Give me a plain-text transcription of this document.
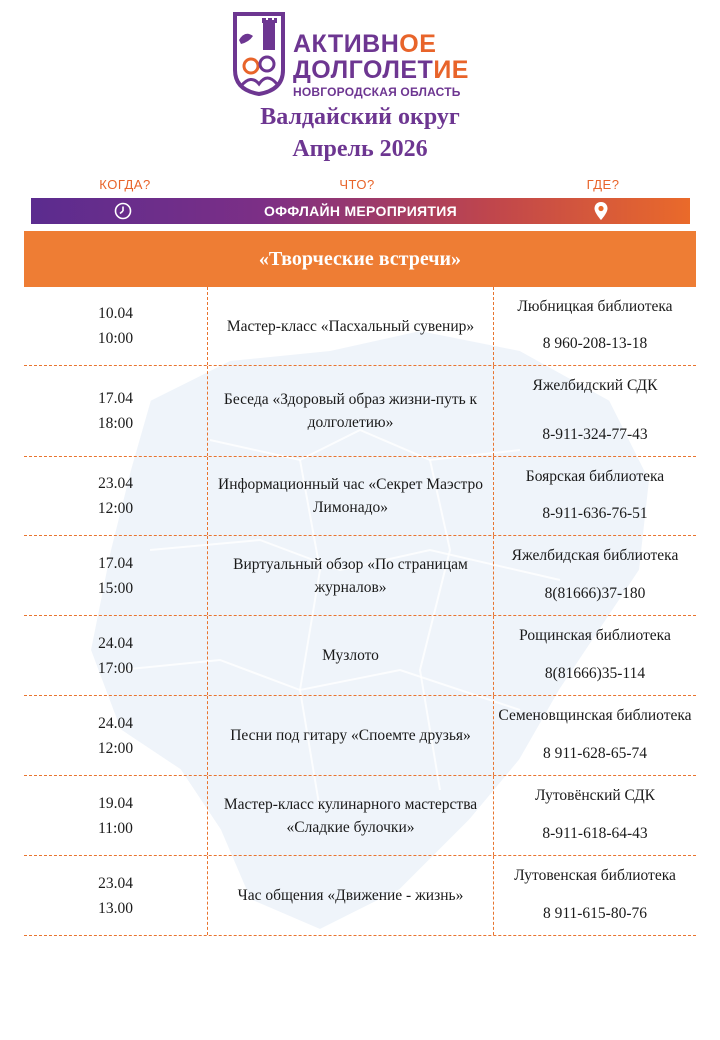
АКТИВНОЕ
ДОЛГОЛЕТИЕ
НОВГОРОДСКАЯ ОБЛАСТЬ
Валдайский округ
Апрель 2026
КОГДА?	ЧТО?	ГДЕ?
ОФФЛАЙН МЕРОПРИЯТИЯ
«Творческие встречи»
10.04
10:00
Мастер-класс «Пасхальный сувенир»
Любницкая библиотека
8 960-208-13-18
17.04
18:00
Беседа «Здоровый образ жизни-путь к долголетию»
Яжелбидский СДК
8-911-324-77-43
23.04
12:00
Информационный час «Секрет Маэстро Лимонадо»
Боярская библиотека
8-911-636-76-51
17.04
15:00
Виртуальный обзор «По страницам журналов»
Яжелбидская библиотека
8(81666)37-180
24.04
17:00
Музлото
Рощинская библиотека
8(81666)35-114
24.04
12:00
Песни под гитару «Споемте друзья»
Семеновщинская библиотека
8 911-628-65-74
19.04
11:00
Мастер-класс кулинарного мастерства «Сладкие булочки»
Лутовёнский СДК
8-911-618-64-43
23.04
13.00
Час общения «Движение - жизнь»
Лутовенская библиотека
8 911-615-80-76
